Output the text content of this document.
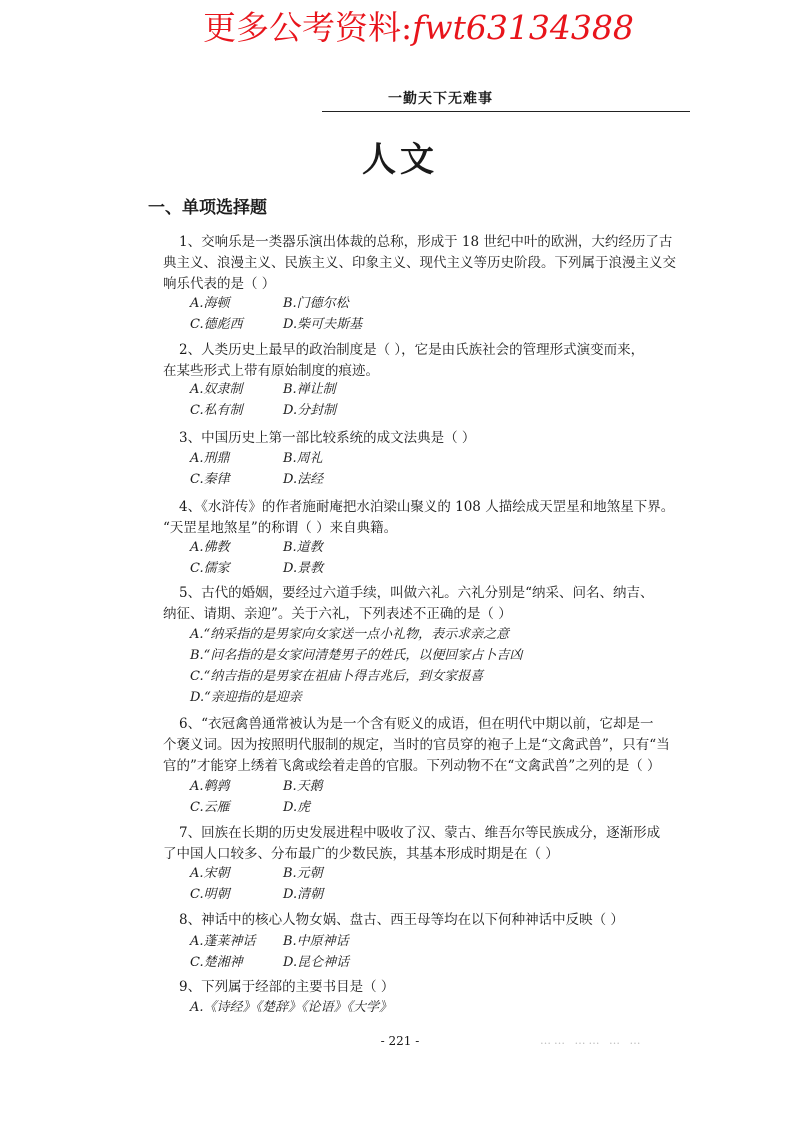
更多公考资料:fwt63134388
一勤天下无难事
人文
一、单项选择题
1、交响乐是一类器乐演出体裁的总称，形成于 18 世纪中叶的欧洲，大约经历了古
典主义、浪漫主义、民族主义、印象主义、现代主义等历史阶段。下列属于浪漫主义交
响乐代表的是（ ）
A.海顿	B.门德尔松
C.德彪西	D.柴可夫斯基
2、人类历史上最早的政治制度是（ ），它是由氏族社会的管理形式演变而来，
在某些形式上带有原始制度的痕迹。
A.奴隶制	B.禅让制
C.私有制	D.分封制
3、中国历史上第一部比较系统的成文法典是（ ）
A.刑鼎	B.周礼
C.秦律	D.法经
4、《水浒传》的作者施耐庵把水泊梁山聚义的 108 人描绘成天罡星和地煞星下界。
“天罡星地煞星”的称谓（ ）来自典籍。
A.佛教	B.道教
C.儒家	D.景教
5、古代的婚姻，要经过六道手续，叫做六礼。六礼分别是“纳采、问名、纳吉、
纳征、请期、亲迎”。关于六礼，下列表述不正确的是（ ）
A.“纳采指的是男家向女家送一点小礼物，表示求亲之意
B.“问名指的是女家问清楚男子的姓氏，以便回家占卜吉凶
C.“纳吉指的是男家在祖庙卜得吉兆后，到女家报喜
D.“亲迎指的是迎亲
6、“衣冠禽兽通常被认为是一个含有贬义的成语，但在明代中期以前，它却是一
个褒义词。因为按照明代服制的规定，当时的官员穿的袍子上是“文禽武兽”，只有“当
官的”才能穿上绣着飞禽或绘着走兽的官服。下列动物不在“文禽武兽”之列的是（ ）
A.鹌鹑	B.天鹅
C.云雁	D.虎
7、回族在长期的历史发展进程中吸收了汉、蒙古、维吾尔等民族成分，逐渐形成
了中国人口较多、分布最广的少数民族，其基本形成时期是在（ ）
A.宋朝	B.元朝
C.明朝	D.清朝
8、神话中的核心人物女娲、盘古、西王母等均在以下何种神话中反映（ ）
A.蓬莱神话 B.中原神话
C.楚湘神	D.昆仑神话
9、下列属于经部的主要书目是（ ）
A.《诗经》《楚辞》《论语》《大学》
- 221 -	…… …… … …
